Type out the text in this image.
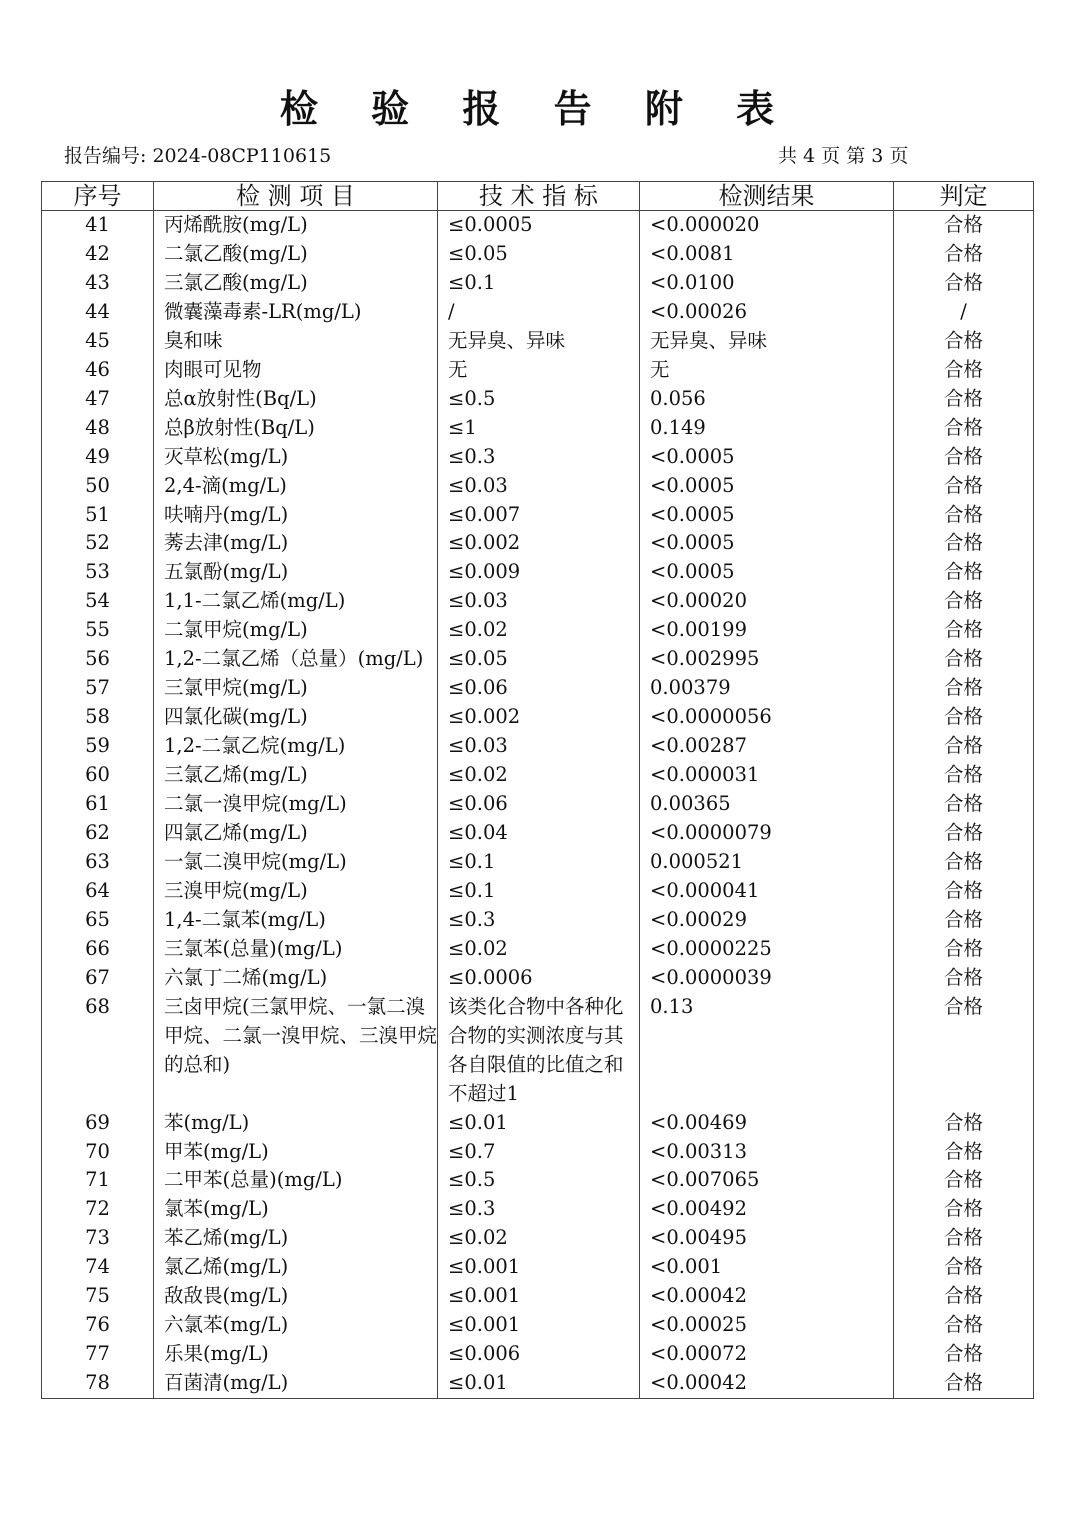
检 验 报 告 附 表
报告编号: 2024-08CP110615	共 4 页 第 3 页
序号	检 测 项 目	技 术 指 标	检测结果	判定
41	丙烯酰胺(mg/L)	≤0.0005	<0.000020	合格
42	二氯乙酸(mg/L)	≤0.05	<0.0081	合格
43	三氯乙酸(mg/L)	≤0.1	<0.0100	合格
44	微囊藻毒素-LR(mg/L)	/	<0.00026	/
45	臭和味	无异臭、异味	无异臭、异味	合格
46	肉眼可见物	无	无	合格
47	总α放射性(Bq/L)	≤0.5	0.056	合格
48	总β放射性(Bq/L)	≤1	0.149	合格
49	灭草松(mg/L)	≤0.3	<0.0005	合格
50	2,4-滴(mg/L)	≤0.03	<0.0005	合格
51	呋喃丹(mg/L)	≤0.007	<0.0005	合格
52	莠去津(mg/L)	≤0.002	<0.0005	合格
53	五氯酚(mg/L)	≤0.009	<0.0005	合格
54	1,1-二氯乙烯(mg/L)	≤0.03	<0.00020	合格
55	二氯甲烷(mg/L)	≤0.02	<0.00199	合格
56	1,2-二氯乙烯（总量）(mg/L)	≤0.05	<0.002995	合格
57	三氯甲烷(mg/L)	≤0.06	0.00379	合格
58	四氯化碳(mg/L)	≤0.002	<0.0000056	合格
59	1,2-二氯乙烷(mg/L)	≤0.03	<0.00287	合格
60	三氯乙烯(mg/L)	≤0.02	<0.000031	合格
61	二氯一溴甲烷(mg/L)	≤0.06	0.00365	合格
62	四氯乙烯(mg/L)	≤0.04	<0.0000079	合格
63	一氯二溴甲烷(mg/L)	≤0.1	0.000521	合格
64	三溴甲烷(mg/L)	≤0.1	<0.000041	合格
65	1,4-二氯苯(mg/L)	≤0.3	<0.00029	合格
66	三氯苯(总量)(mg/L)	≤0.02	<0.0000225	合格
67	六氯丁二烯(mg/L)	≤0.0006	<0.0000039	合格
68	三卤甲烷(三氯甲烷、一氯二溴甲烷、二氯一溴甲烷、三溴甲烷的总和)	该类化合物中各种化合物的实测浓度与其各自限值的比值之和不超过1	0.13	合格
69	苯(mg/L)	≤0.01	<0.00469	合格
70	甲苯(mg/L)	≤0.7	<0.00313	合格
71	二甲苯(总量)(mg/L)	≤0.5	<0.007065	合格
72	氯苯(mg/L)	≤0.3	<0.00492	合格
73	苯乙烯(mg/L)	≤0.02	<0.00495	合格
74	氯乙烯(mg/L)	≤0.001	<0.001	合格
75	敌敌畏(mg/L)	≤0.001	<0.00042	合格
76	六氯苯(mg/L)	≤0.001	<0.00025	合格
77	乐果(mg/L)	≤0.006	<0.00072	合格
78	百菌清(mg/L)	≤0.01	<0.00042	合格
